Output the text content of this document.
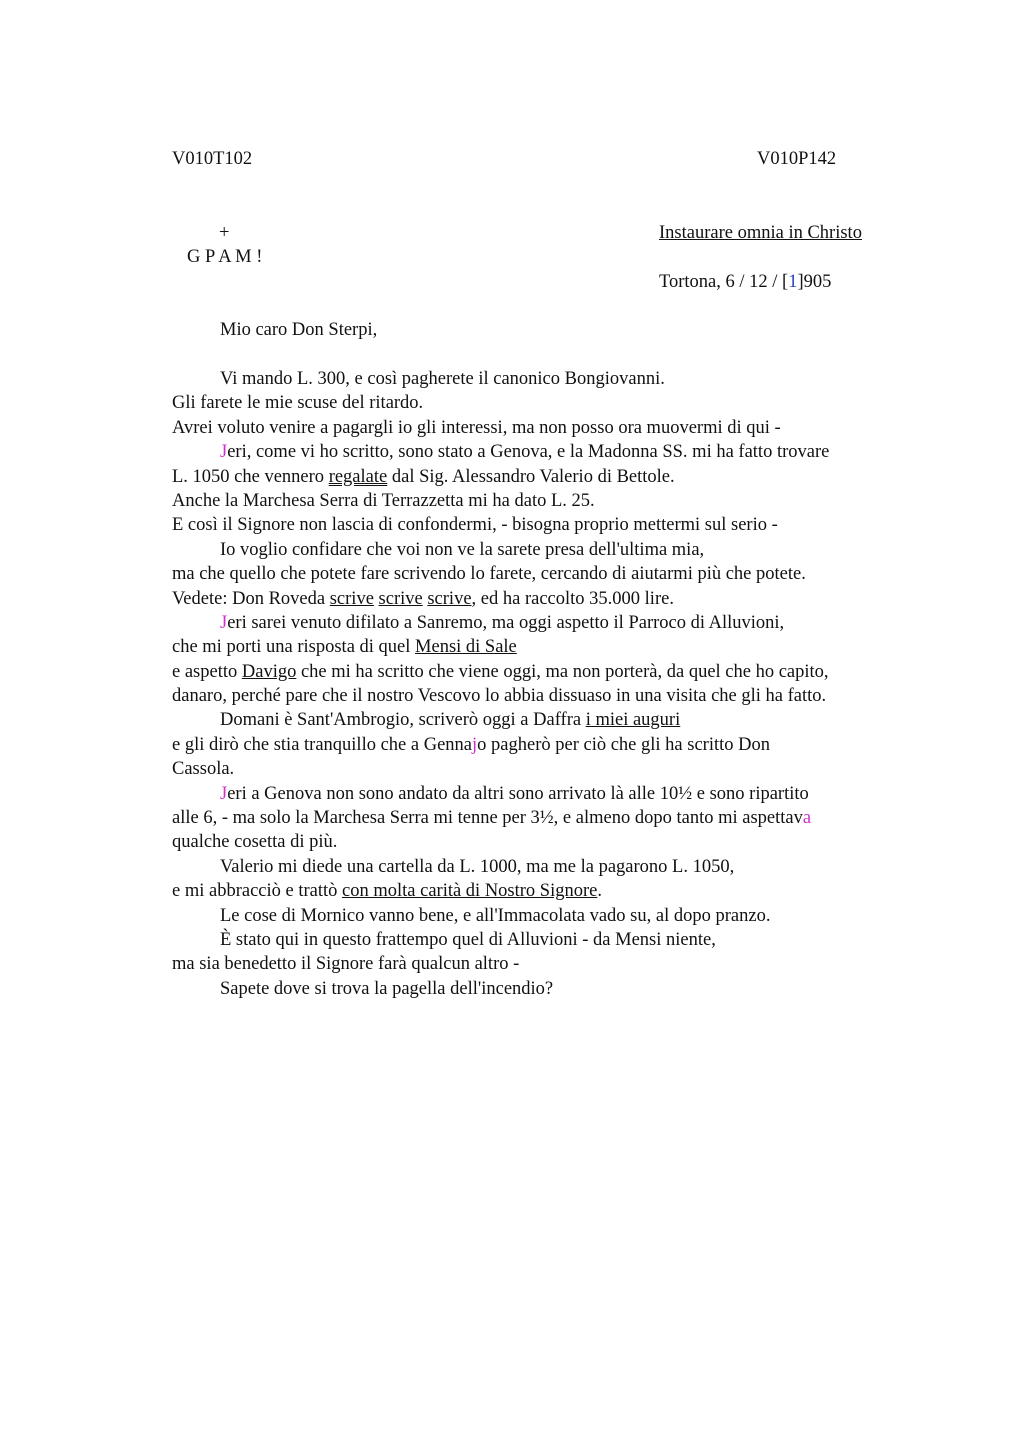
V010T102	V010P142
+
G P A M !
Instaurare omnia in Christo
Tortona, 6 / 12 / [1]905
Mio caro Don Sterpi,
Vi mando L. 300, e così pagherete il canonico Bongiovanni.
Gli farete le mie scuse del ritardo.
Avrei voluto venire a pagargli io gli interessi, ma non posso ora muovermi di qui -
Jeri, come vi ho scritto, sono stato a Genova, e la Madonna SS. mi ha fatto trovare
L. 1050 che vennero regalate dal Sig. Alessandro Valerio di Bettole.
Anche la Marchesa Serra di Terrazzetta mi ha dato L. 25.
E così il Signore non lascia di confondermi, - bisogna proprio mettermi sul serio -
Io voglio confidare che voi non ve la sarete presa dell'ultima mia,
ma che quello che potete fare scrivendo lo farete, cercando di aiutarmi più che potete.
Vedete: Don Roveda scrive scrive scrive, ed ha raccolto 35.000 lire.
Jeri sarei venuto difilato a Sanremo, ma oggi aspetto il Parroco di Alluvioni,
che mi porti una risposta di quel Mensi di Sale
e aspetto Davigo che mi ha scritto che viene oggi, ma non porterà, da quel che ho capito,
danaro, perché pare che il nostro Vescovo lo abbia dissuaso in una visita che gli ha fatto.
Domani è Sant'Ambrogio, scriverò oggi a Daffra i miei auguri
e gli dirò che stia tranquillo che a Gennajo pagherò per ciò che gli ha scritto Don
Cassola.
Jeri a Genova non sono andato da altri sono arrivato là alle 10½ e sono ripartito
alle 6, - ma solo la Marchesa Serra mi tenne per 3½, e almeno dopo tanto mi aspettava
qualche cosetta di più.
Valerio mi diede una cartella da L. 1000, ma me la pagarono L. 1050,
e mi abbracciò e trattò con molta carità di Nostro Signore.
Le cose di Mornico vanno bene, e all'Immacolata vado su, al dopo pranzo.
È stato qui in questo frattempo quel di Alluvioni - da Mensi niente,
ma sia benedetto il Signore farà qualcun altro -
Sapete dove si trova la pagella dell'incendio?
